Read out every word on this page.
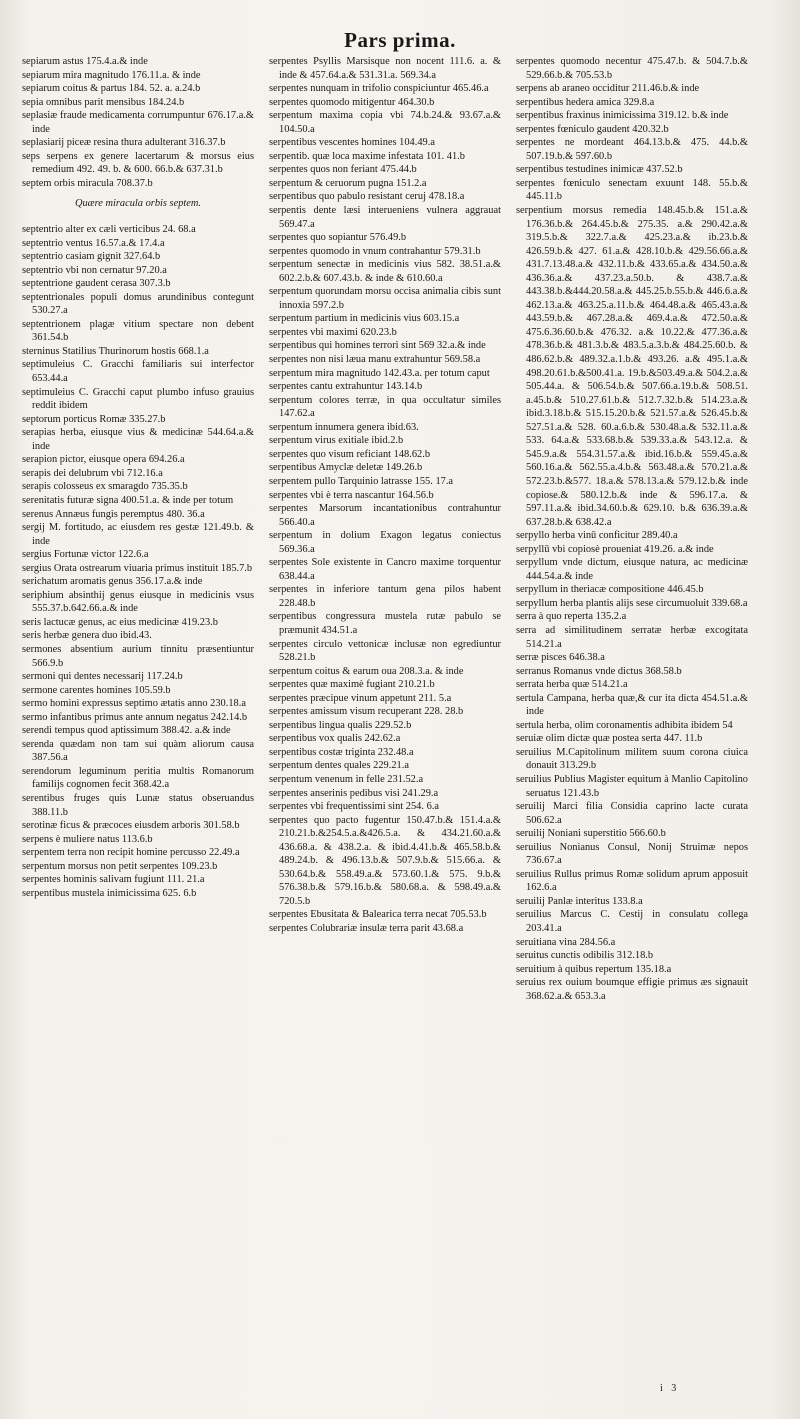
Pars prima.

sepiarum astus 175.4.a.& inde

sepiarum mira magnitudo 176.11.a. & inde

sepiarum coitus & partus 184. 52. a. a.24.b

sepia omnibus parit mensibus 184.24.b

seplasiæ fraude medicamenta corrumpuntur 676.17.a.& inde

seplasiarij piceæ resina thura adulterant 316.37.b

seps serpens ex genere lacertarum & morsus eius remedium 492. 49. b. & 600. 66.b.& 637.31.b

septem orbis miracula 708.37.b

Quære miracula orbis septem.

septentrio alter ex cæli verticibus 24. 68.a

septentrio ventus 16.57.a.& 17.4.a

septentrio casiam gignit 327.64.b

septentrio vbi non cernatur 97.20.a

septentrione gaudent cerasa 307.3.b

septentrionales populi domus arundinibus contegunt 530.27.a

septentrionem plagæ vitium spectare non debent 361.54.b

sterninus Statilius Thurinorum hostis 668.1.a

septimuleius C. Gracchi familiaris sui interfector 653.44.a

septimuleius C. Gracchi caput plumbo infuso grauius reddit ibidem

septorum porticus Romæ 335.27.b

serapias herba, eiusque vius & medicinæ 544.64.a.& inde

serapion pictor, eiusque opera 694.26.a

serapis dei delubrum vbi 712.16.a

serapis colosseus ex smaragdo 735.35.b

serenitatis futuræ signa 400.51.a. & inde per totum

serenus Annæus fungis peremptus 480. 36.a

sergij M. fortitudo, ac eiusdem res gestæ 121.49.b. & inde

sergius Fortunæ victor 122.6.a

sergius Orata ostrearum viuaria primus instituit 185.7.b

serichatum aromatis genus 356.17.a.& inde

seriphium absinthij genus eiusque in medicinis vsus 555.37.b.642.66.a.& inde

seris lactucæ genus, ac eius medicinæ 419.23.b

seris herbæ genera duo ibid.43.

sermones absentium aurium tinnitu præsentiuntur 566.9.b

sermoni qui dentes necessarij 117.24.b

sermone carentes homines 105.59.b

sermo homini expressus septimo ætatis anno 230.18.a

sermo infantibus primus ante annum negatus 242.14.b

serendi tempus quod aptissimum 388.42. a.& inde

serenda quædam non tam sui quàm aliorum causa 387.56.a

serendorum leguminum peritia multis Romanorum familijs cognomen fecit 368.42.a

serentibus fruges quis Lunæ status obseruandus 388.11.b

serotinæ ficus & præcoces eiusdem arboris 301.58.b

serpens è muliere natus 113.6.b

serpentem terra non recipit homine percusso 22.49.a

serpentum morsus non petit serpentes 109.23.b

serpentes hominis salivam fugiunt 111. 21.a

serpentibus mustela inimicissima 625. 6.b

serpentes Psyllis Marsisque non nocent 111.6. a. & inde & 457.64.a.& 531.31.a. 569.34.a

serpentes nunquam in trifolio conspiciuntur 465.46.a

serpentes quomodo mitigentur 464.30.b

serpentum maxima copia vbi 74.b.24.& 93.67.a.& 104.50.a

serpentibus vescentes homines 104.49.a

serpentib. quæ loca maxime infestata 101. 41.b

serpentes quos non feriant 475.44.b

serpentum & ceruorum pugna 151.2.a

serpentibus quo pabulo resistant ceruj 478.18.a

serpentis dente læsi interueniens vulnera aggrauat 569.47.a

serpentes quo sopiantur 576.49.b

serpentes quomodo in vnum contrahantur 579.31.b

serpentum senectæ in medicinis vius 582. 38.51.a.& 602.2.b.& 607.43.b. & inde & 610.60.a

serpentum quorundam morsu occisa animalia cibis sunt innoxia 597.2.b

serpentum partium in medicinis vius 603.15.a

serpentes vbi maximi 620.23.b

serpentibus qui homines terrori sint 569 32.a.& inde

serpentes non nisi læua manu extrahuntur 569.58.a

serpentum mira magnitudo 142.43.a. per totum caput

serpentes cantu extrahuntur 143.14.b

serpentum colores terræ, in qua occultatur similes 147.62.a

serpentum innumera genera ibid.63.

serpentum virus exitiale ibid.2.b

serpentes quo visum reficiant 148.62.b

serpentibus Amyclæ deletæ 149.26.b

serpentem pullo Tarquinio latrasse 155. 17.a

serpentes vbi è terra nascantur 164.56.b

serpentes Marsorum incantationibus contrahuntur 566.40.a

serpentum in dolium Exagon legatus coniectus 569.36.a

serpentes Sole existente in Cancro maxime torquentur 638.44.a

serpentes in inferiore tantum gena pilos habent 228.48.b

serpentibus congressura mustela rutæ pabulo se præmunit 434.51.a

serpentes circulo vettonicæ inclusæ non egrediuntur 528.21.b

serpentum coitus & earum oua 208.3.a. & inde

serpentes quæ maximè fugiant 210.21.b

serpentes præcipue vinum appetunt 211. 5.a

serpentes amissum visum recuperant 228. 28.b

serpentibus lingua qualis 229.52.b

serpentibus vox qualis 242.62.a

serpentibus costæ triginta 232.48.a

serpentum dentes quales 229.21.a

serpentum venenum in felle 231.52.a

serpentes anserinis pedibus visi 241.29.a

serpentes vbi frequentissimi sint 254. 6.a

serpentes quo pacto fugentur 150.47.b.& 151.4.a.& 210.21.b.&254.5.a.&426.5.a. & 434.21.60.a.& 436.68.a. & 438.2.a. & ibid.4.41.b.& 465.58.b.& 489.24.b. & 496.13.b.& 507.9.b.& 515.66.a. & 530.64.b.& 558.49.a.& 573.60.1.& 575. 9.b.& 576.38.b.& 579.16.b.& 580.68.a. & 598.49.a.& 720.5.b

serpentes Ebusitata & Balearica terra necat 705.53.b

serpentes Colubrariæ insulæ terra parit 43.68.a

serpentes quomodo necentur 475.47.b. & 504.7.b.& 529.66.b.& 705.53.b

serpens ab araneo occiditur 211.46.b.& inde

serpentibus hedera amica 329.8.a

serpentibus fraxinus inimicissima 319.12. b.& inde

serpentes fœniculo gaudent 420.32.b

serpentes ne mordeant 464.13.b.& 475. 44.b.& 507.19.b.& 597.60.b

serpentibus testudines inimicæ 437.52.b

serpentes fœniculo senectam exuunt 148. 55.b.& 445.11.b

serpentium morsus remedia 148.45.b.& 151.a.& 176.36.b.& 264.45.b.& 275.35. a.& 290.42.a.& 319.5.b.& 322.7.a.& 425.23.a.& ib.23.b.& 426.59.b.& 427. 61.a.& 428.10.b.& 429.56.66.a.& 431.7.13.48.a.& 432.11.b.& 433.65.a.& 434.50.a.& 436.36.a.& 437.23.a.50.b. & 438.7.a.& 443.38.b.&444.20.58.a.& 445.25.b.55.b.& 446.6.a.& 462.13.a.& 463.25.a.11.b.& 464.48.a.& 465.43.a.& 443.59.b.& 467.28.a.& 469.4.a.& 472.50.a.& 475.6.36.60.b.& 476.32. a.& 10.22.& 477.36.a.& 478.36.b.& 481.3.b.& 483.5.a.3.b.& 484.25.60.b. & 486.62.b.& 489.32.a.1.b.& 493.26. a.& 495.1.a.& 498.20.61.b.&500.41.a. 19.b.&503.49.a.& 504.2.a.& 505.44.a. & 506.54.b.& 507.66.a.19.b.& 508.51. a.45.b.& 510.27.61.b.& 512.7.32.b.& 514.23.a.& ibid.3.18.b.& 515.15.20.b.& 521.57.a.& 526.45.b.& 527.51.a.& 528. 60.a.6.b.& 530.48.a.& 532.11.a.& 533. 64.a.& 533.68.b.& 539.33.a.& 543.12.a. & 545.9.a.& 554.31.57.a.& ibid.16.b.& 559.45.a.& 560.16.a.& 562.55.a.4.b.& 563.48.a.& 570.21.a.& 572.23.b.&577. 18.a.& 578.13.a.& 579.12.b.& inde copiose.& 580.12.b.& inde & 596.17.a. & 597.11.a.& ibid.34.60.b.& 629.10. b.& 636.39.a.& 637.28.b.& 638.42.a

serpyllo herba vinū conficitur 289.40.a

serpyllū vbi copiosè proueniat 419.26. a.& inde

serpyllum vnde dictum, eiusque natura, ac medicinæ 444.54.a.& inde

serpyllum in theriacæ compositione 446.45.b

serpyllum herba plantis alijs sese circumuoluit 339.68.a

serra à quo reperta 135.2.a

serra ad similitudinem serratæ herbæ excogitata 514.21.a

serræ pisces 646.38.a

serranus Romanus vnde dictus 368.58.b

serrata herba quæ 514.21.a

sertula Campana, herba quæ,& cur ita dicta 454.51.a.& inde

sertula herba, olim coronamentis adhibita ibidem 54

seruiæ olim dictæ quæ postea serta 447. 11.b

seruilius M.Capitolinum militem suum corona ciuica donauit 313.29.b

seruilius Publius Magister equitum à Manlio Capitolino seruatus 121.43.b

seruilij Marci filia Considia caprino lacte curata 506.62.a

seruilij Noniani superstitio 566.60.b

seruilius Nonianus Consul, Nonij Struimæ nepos 736.67.a

seruilius Rullus primus Romæ solidum aprum apposuit 162.6.a

seruilij Panlæ interitus 133.8.a

seruilius Marcus C. Cestij in consulatu collega 203.41.a

seruitiana vina 284.56.a

seruitus cunctis odibilis 312.18.b

seruitium à quibus repertum 135.18.a

seruius rex ouium boumque effigie primus æs signauit 368.62.a.& 653.3.a

i 3
